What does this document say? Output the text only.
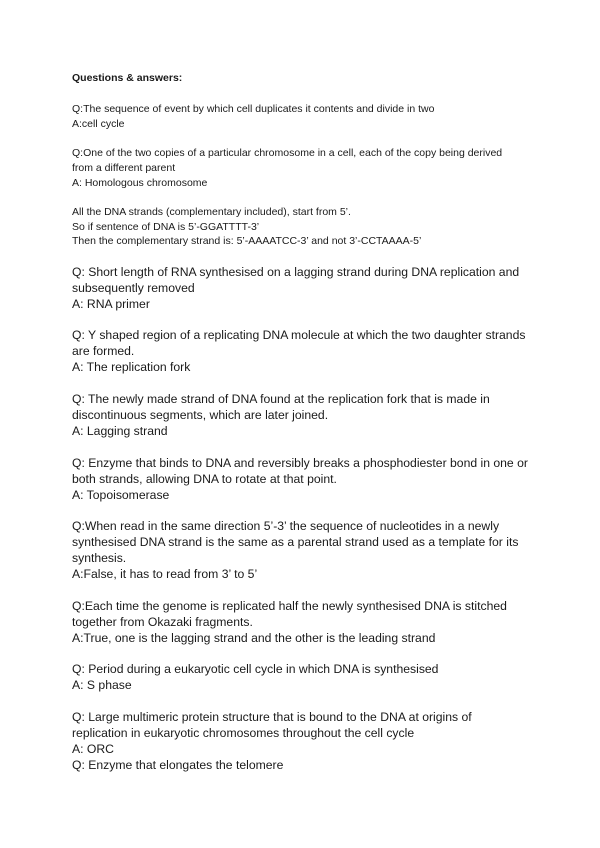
Questions & answers:

Q:The sequence of event by which cell duplicates it contents and divide in two

A:cell cycle

Q:One of the two copies of a particular chromosome in a cell, each of the copy being derived

from a different parent

A: Homologous chromosome

All the DNA strands (complementary included), start from 5’.

So if sentence of DNA is 5’-GGATTTT-3’

Then the complementary strand is: 5’-AAAATCC-3’ and not 3’-CCTAAAA-5’

Q: Short length of RNA synthesised on a lagging strand during DNA replication and

subsequently removed

A: RNA primer

Q: Y shaped region of a replicating DNA molecule at which the two daughter strands

are formed.

A: The replication fork

Q: The newly made strand of DNA found at the replication fork that is made in

discontinuous segments, which are later joined.

A: Lagging strand

Q: Enzyme that binds to DNA and reversibly breaks a phosphodiester bond in one or

both strands, allowing DNA to rotate at that point.

A: Topoisomerase

Q:When read in the same direction 5’-3’ the sequence of nucleotides in a newly

synthesised DNA strand is the same as a parental strand used as a template for its

synthesis.

A:False, it has to read from 3’ to 5’

Q:Each time the genome is replicated half the newly synthesised DNA is stitched

together from Okazaki fragments.

A:True, one is the lagging strand and the other is the leading strand

Q: Period during a eukaryotic cell cycle in which DNA is synthesised

A: S phase

Q: Large multimeric protein structure that is bound to the DNA at origins of

replication in eukaryotic chromosomes throughout the cell cycle

A: ORC

Q: Enzyme that elongates the telomere
